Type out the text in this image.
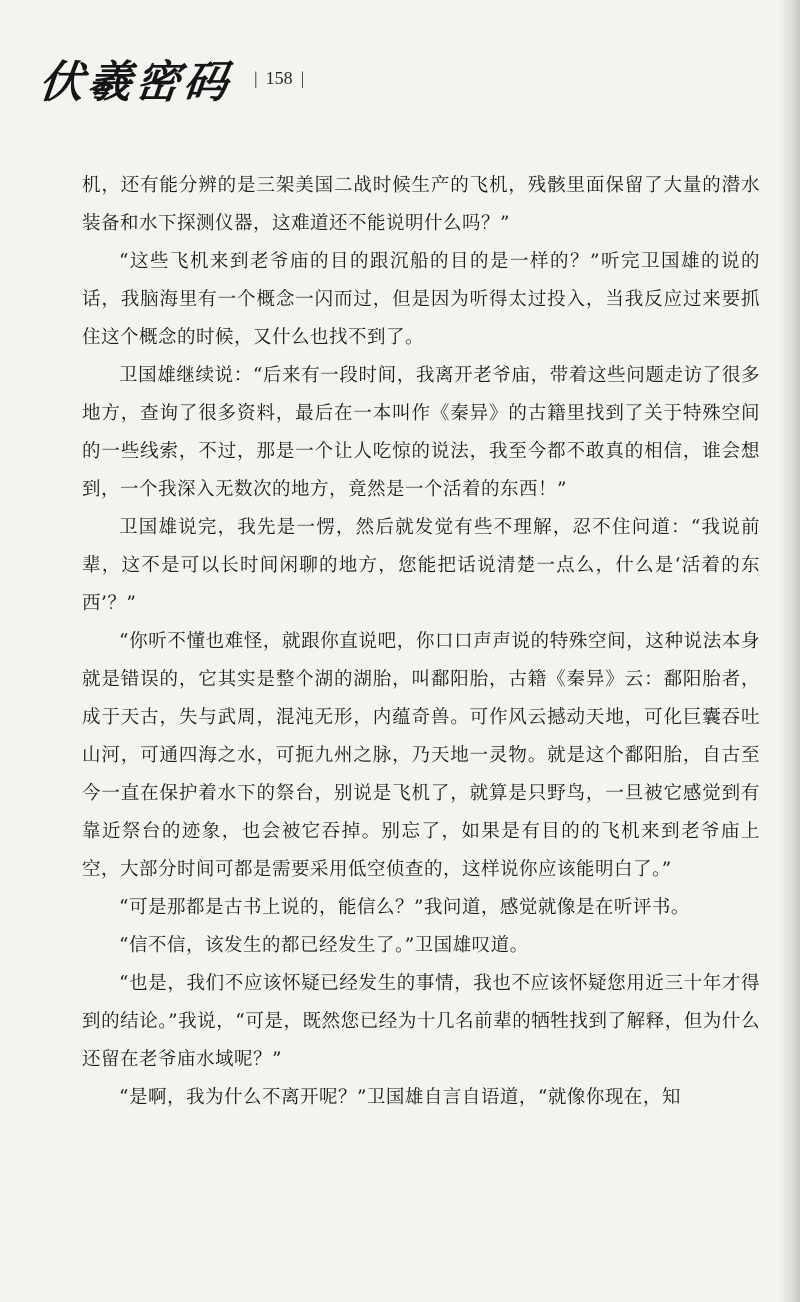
伏羲密码 | 158 |

机，还有能分辨的是三架美国二战时候生产的飞机，残骸里面保留了大量的潜水装备和水下探测仪器，这难道还不能说明什么吗？”

“这些飞机来到老爷庙的目的跟沉船的目的是一样的？”听完卫国雄的说的话，我脑海里有一个概念一闪而过，但是因为听得太过投入，当我反应过来要抓住这个概念的时候，又什么也找不到了。

卫国雄继续说：“后来有一段时间，我离开老爷庙，带着这些问题走访了很多地方，查询了很多资料，最后在一本叫作《秦异》的古籍里找到了关于特殊空间的一些线索，不过，那是一个让人吃惊的说法，我至今都不敢真的相信，谁会想到，一个我深入无数次的地方，竟然是一个活着的东西！”

卫国雄说完，我先是一愣，然后就发觉有些不理解，忍不住问道：“我说前辈，这不是可以长时间闲聊的地方，您能把话说清楚一点么，什么是‘活着的东西’？”

“你听不懂也难怪，就跟你直说吧，你口口声声说的特殊空间，这种说法本身就是错误的，它其实是整个湖的湖胎，叫鄱阳胎，古籍《秦异》云：鄱阳胎者，成于天古，失与武周，混沌无形，内蕴奇兽。可作风云撼动天地，可化巨囊吞吐山河，可通四海之水，可扼九州之脉，乃天地一灵物。就是这个鄱阳胎，自古至今一直在保护着水下的祭台，别说是飞机了，就算是只野鸟，一旦被它感觉到有靠近祭台的迹象，也会被它吞掉。别忘了，如果是有目的的飞机来到老爷庙上空，大部分时间可都是需要采用低空侦查的，这样说你应该能明白了。”

“可是那都是古书上说的，能信么？”我问道，感觉就像是在听评书。

“信不信，该发生的都已经发生了。”卫国雄叹道。

“也是，我们不应该怀疑已经发生的事情，我也不应该怀疑您用近三十年才得到的结论。”我说，“可是，既然您已经为十几名前辈的牺牲找到了解释，但为什么还留在老爷庙水域呢？”

“是啊，我为什么不离开呢？”卫国雄自言自语道，“就像你现在，知
